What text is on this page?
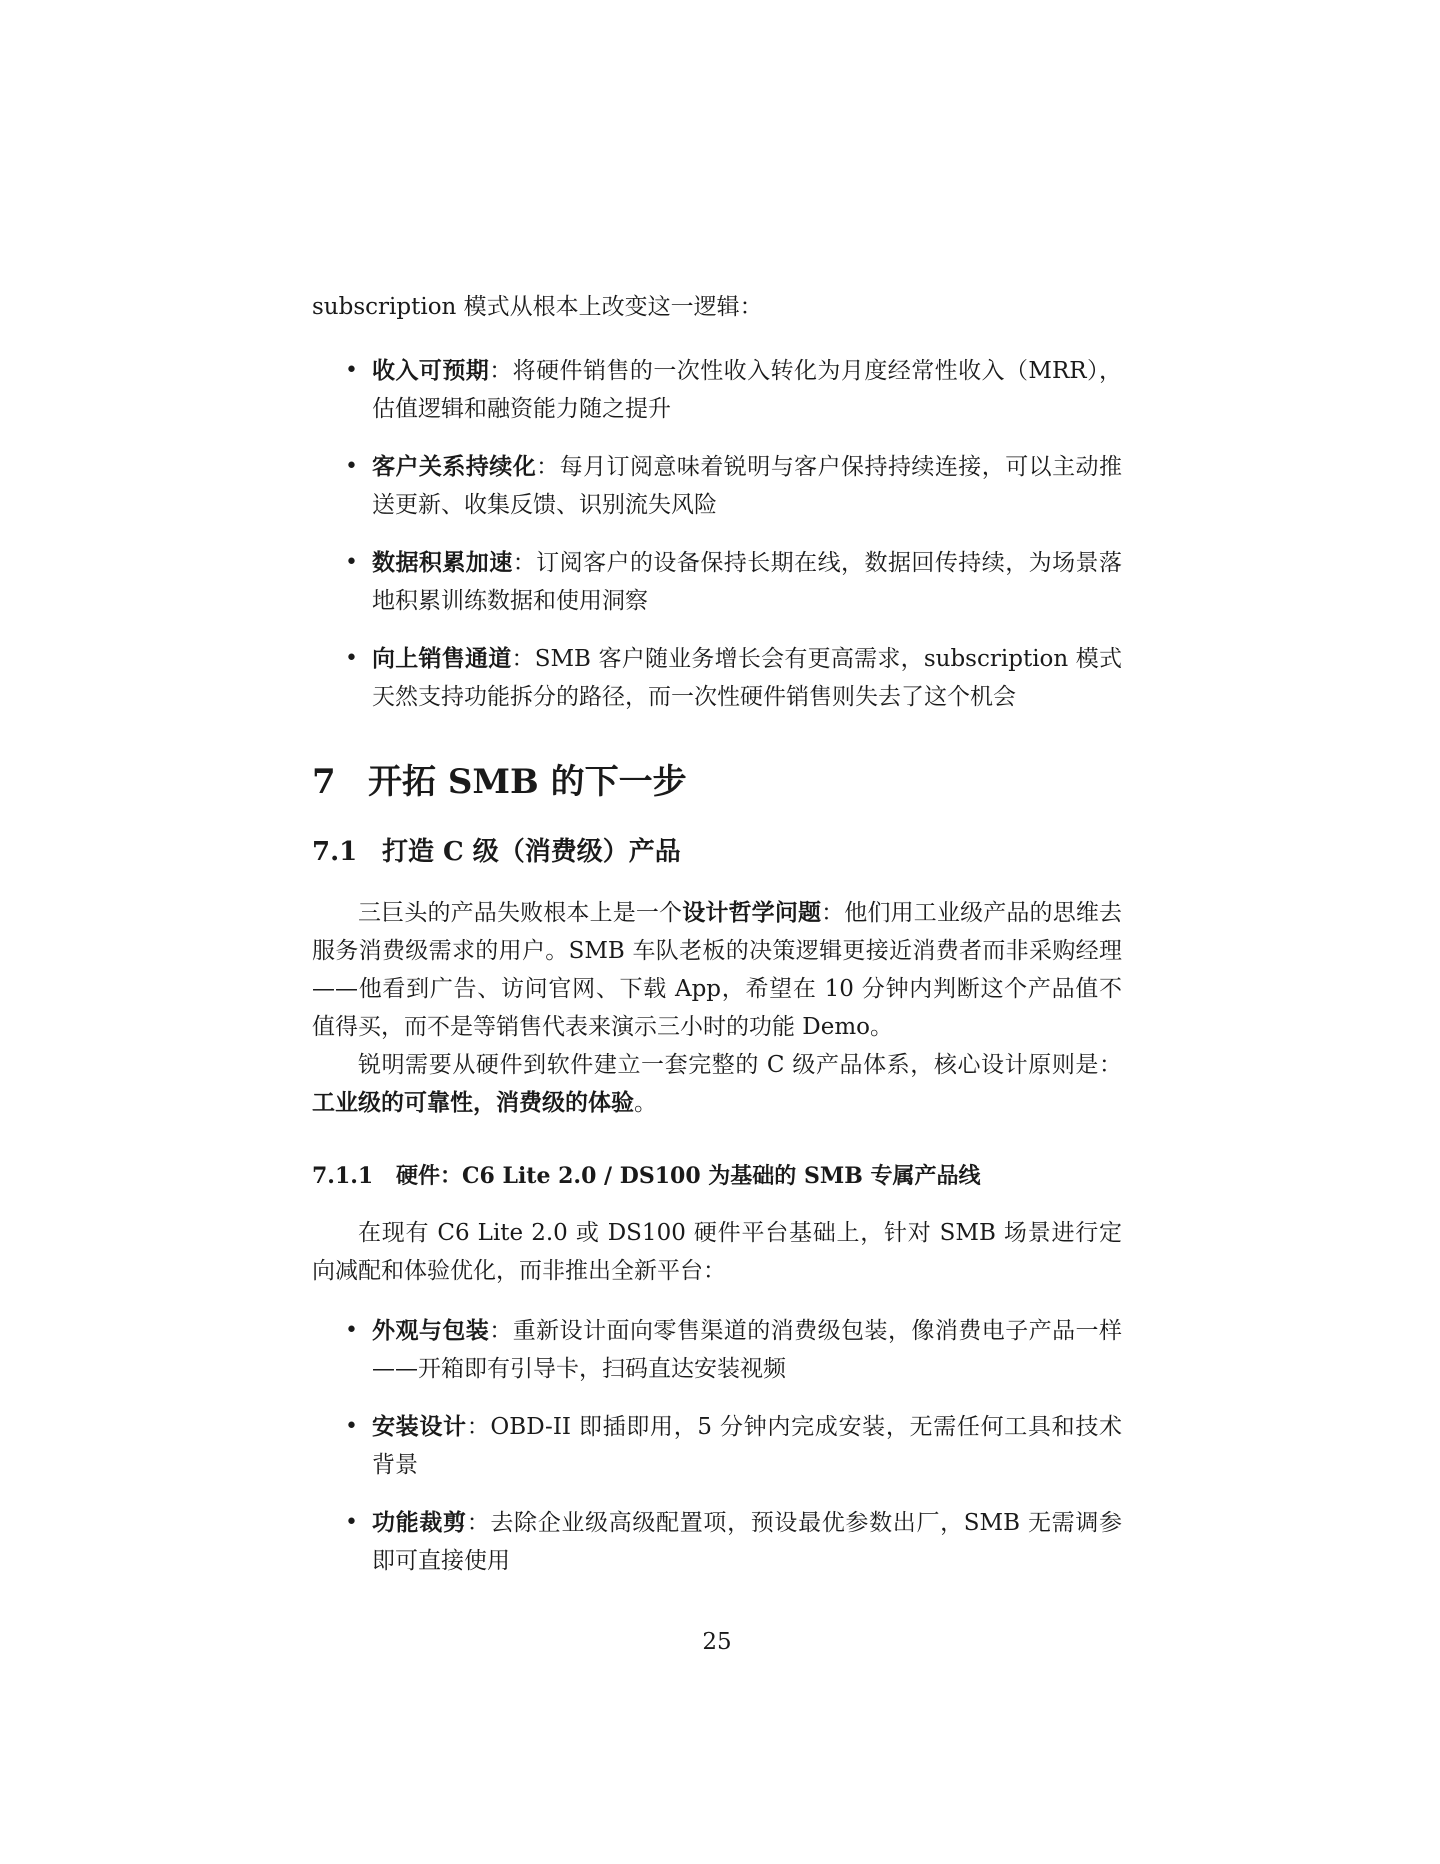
subscription 模式从根本上改变这一逻辑：

• 收入可预期：将硬件销售的一次性收入转化为月度经常性收入（MRR），估值逻辑和融资能力随之提升
• 客户关系持续化：每月订阅意味着锐明与客户保持持续连接，可以主动推送更新、收集反馈、识别流失风险
• 数据积累加速：订阅客户的设备保持长期在线，数据回传持续，为场景落地积累训练数据和使用洞察
• 向上销售通道：SMB 客户随业务增长会有更高需求，subscription 模式天然支持功能拆分的路径，而一次性硬件销售则失去了这个机会
7 开拓 SMB 的下一步
7.1 打造 C 级（消费级）产品

三巨头的产品失败根本上是一个设计哲学问题：他们用工业级产品的思维去服务消费级需求的用户。SMB 车队老板的决策逻辑更接近消费者而非采购经理——他看到广告、访问官网、下载 App，希望在 10 分钟内判断这个产品值不值得买，而不是等销售代表来演示三小时的功能 Demo。

锐明需要从硬件到软件建立一套完整的 C 级产品体系，核心设计原则是：工业级的可靠性，消费级的体验。

7.1.1 硬件：C6 Lite 2.0 / DS100 为基础的 SMB 专属产品线

在现有 C6 Lite 2.0 或 DS100 硬件平台基础上，针对 SMB 场景进行定向减配和体验优化，而非推出全新平台：

• 外观与包装：重新设计面向零售渠道的消费级包装，像消费电子产品一样——开箱即有引导卡，扫码直达安装视频
• 安装设计：OBD-II 即插即用，5 分钟内完成安装，无需任何工具和技术背景
• 功能裁剪：去除企业级高级配置项，预设最优参数出厂，SMB 无需调参即可直接使用
25
